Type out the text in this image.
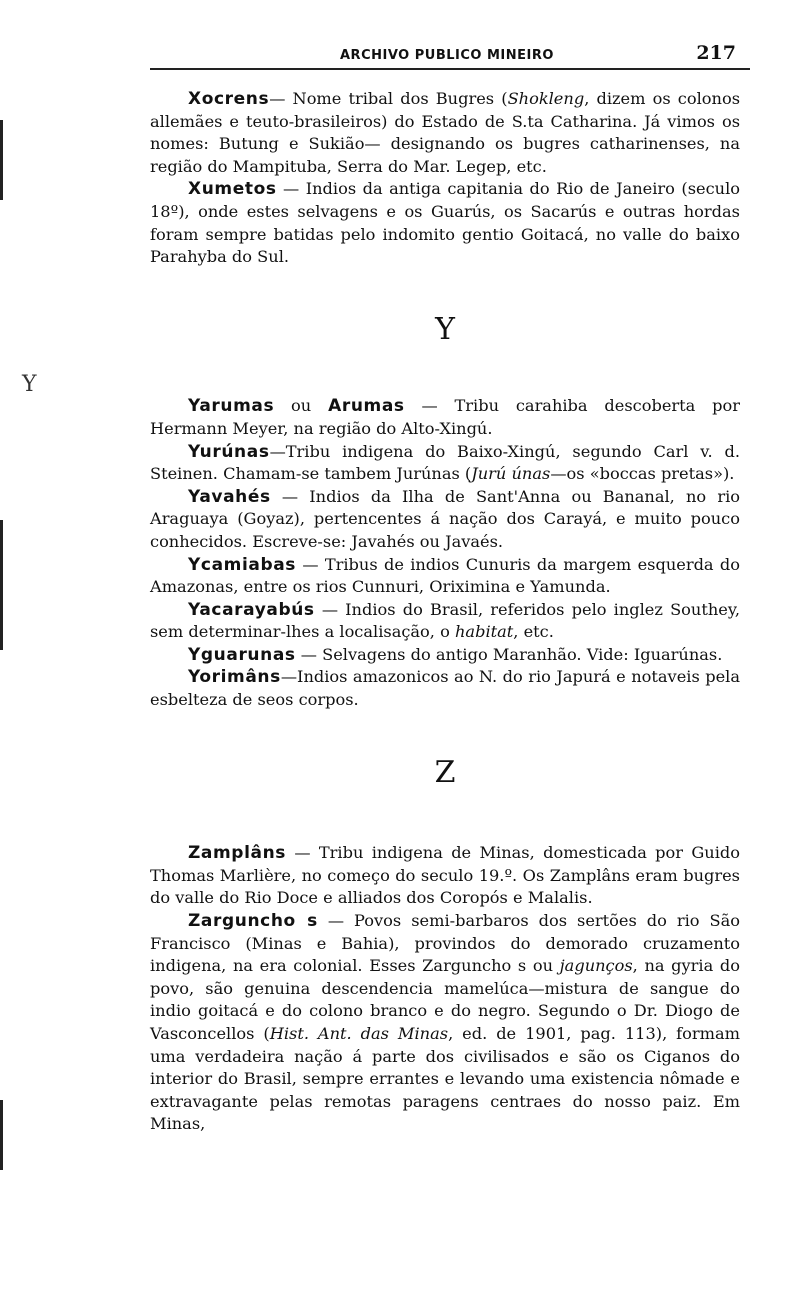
ARCHIVO PUBLICO MINEIRO	217
Y

Xocrens— Nome tribal dos Bugres (Shokleng, dizem os colonos allemães e teuto-brasileiros) do Estado de S.ta Catharina. Já vimos os nomes: Butung e Sukião— designando os bugres catharinenses, na região do Mampituba, Serra do Mar. Legep, etc.

Xumetos — Indios da antiga capitania do Rio de Janeiro (seculo 18º), onde estes selvagens e os Guarús, os Sacarús e outras hordas foram sempre batidas pelo indomito gentio Goitacá, no valle do baixo Parahyba do Sul.

Y

Yarumas ou Arumas — Tribu carahiba descoberta por Hermann Meyer, na região do Alto-Xingú.

Yurúnas—Tribu indigena do Baixo-Xingú, segundo Carl v. d. Steinen. Chamam-se tambem Jurúnas (Jurú únas—os «boccas pretas»).

Yavahés — Indios da Ilha de Sant'Anna ou Bananal, no rio Araguaya (Goyaz), pertencentes á nação dos Carayá, e muito pouco conhecidos. Escreve-se: Javahés ou Javaés.

Ycamiabas — Tribus de indios Cunuris da margem esquerda do Amazonas, entre os rios Cunnuri, Oriximina e Yamunda.

Yacarayabús — Indios do Brasil, referidos pelo inglez Southey, sem determinar-lhes a localisação, o habitat, etc.

Yguarunas — Selvagens do antigo Maranhão. Vide: Iguarúnas.

Yorimâns—Indios amazonicos ao N. do rio Japurá e notaveis pela esbelteza de seos corpos.

Z

Zamplâns — Tribu indigena de Minas, domesticada por Guido Thomas Marlière, no começo do seculo 19.º. Os Zamplâns eram bugres do valle do Rio Doce e alliados dos Coropós e Malalis.

Zarguncho s — Povos semi-barbaros dos sertões do rio São Francisco (Minas e Bahia), provindos do demorado cruzamento indigena, na era colonial. Esses Zarguncho s ou jagunços, na gyria do povo, são genuina descendencia mamelúca—mistura de sangue do indio goitacá e do colono branco e do negro. Segundo o Dr. Diogo de Vasconcellos (Hist. Ant. das Minas, ed. de 1901, pag. 113), formam uma verdadeira nação á parte dos civilisados e são os Ciganos do interior do Brasil, sempre errantes e levando uma existencia nômade e extravagante pelas remotas paragens centraes do nosso paiz. Em Minas,
